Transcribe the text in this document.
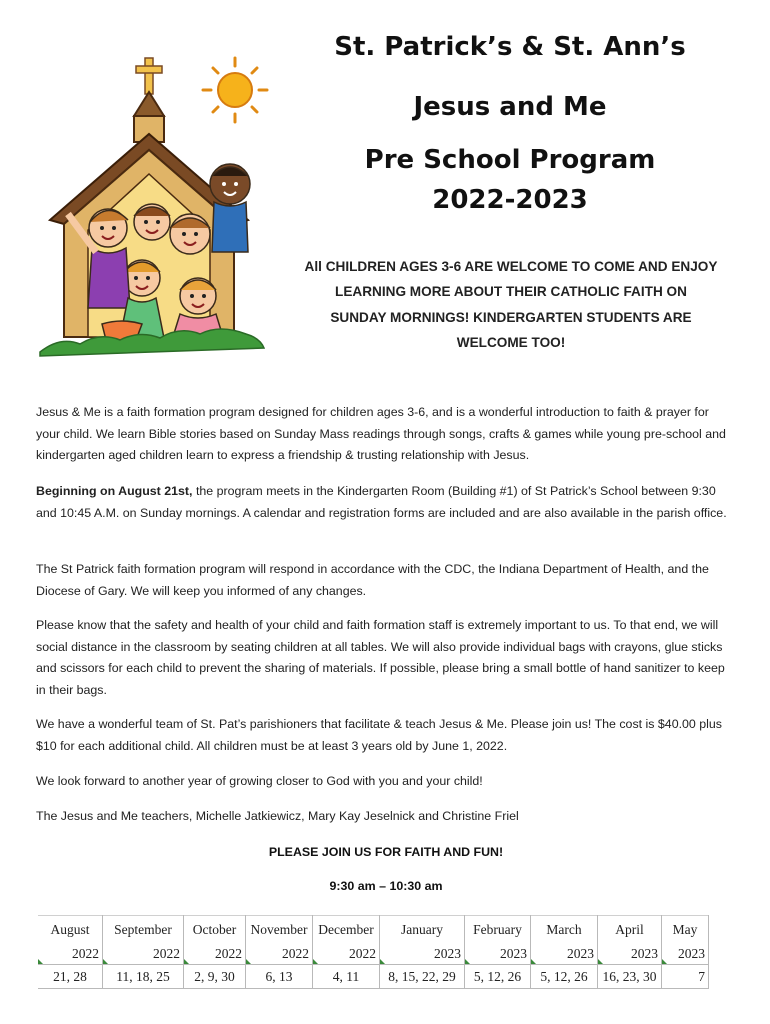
St. Patrick’s & St. Ann’s
Jesus and Me
Pre School Program
2022-2023
All CHILDREN AGES 3-6 ARE WELCOME TO COME AND ENJOY
LEARNING MORE ABOUT THEIR CATHOLIC FAITH ON
SUNDAY MORNINGS! KINDERGARTEN STUDENTS ARE
WELCOME TOO!

Jesus & Me is a faith formation program designed for children ages 3-6, and is a wonderful introduction to faith & prayer for your child. We learn Bible stories based on Sunday Mass readings through songs, crafts & games while young pre-school and kindergarten aged children learn to express a friendship & trusting relationship with Jesus.

Beginning on August 21st, the program meets in the Kindergarten Room (Building #1) of St Patrick’s School between 9:30 and 10:45 A.M. on Sunday mornings. A calendar and registration forms are included and are also available in the parish office.

The St Patrick faith formation program will respond in accordance with the CDC, the Indiana Department of Health, and the Diocese of Gary. We will keep you informed of any changes.

Please know that the safety and health of your child and faith formation staff is extremely important to us. To that end, we will social distance in the classroom by seating children at all tables. We will also provide individual bags with crayons, glue sticks and scissors for each child to prevent the sharing of materials. If possible, please bring a small bottle of hand sanitizer to keep in their bags.

We have a wonderful team of St. Pat’s parishioners that facilitate & teach Jesus & Me. Please join us! The cost is $40.00 plus $10 for each additional child. All children must be at least 3 years old by June 1, 2022.

We look forward to another year of growing closer to God with you and your child!

The Jesus and Me teachers, Michelle Jatkiewicz, Mary Kay Jeselnick and Christine Friel

PLEASE JOIN US FOR FAITH AND FUN!
9:30 am – 10:30 am
August	September	October	November	December	January	February	March	April	May
2022	2022	2022	2022	2022	2023	2023	2023	2023	2023

21, 28	11, 18, 25	2, 9, 30	6, 13	4, 11	8, 15, 22, 29	5, 12, 26	5, 12, 26	16, 23, 30	7
